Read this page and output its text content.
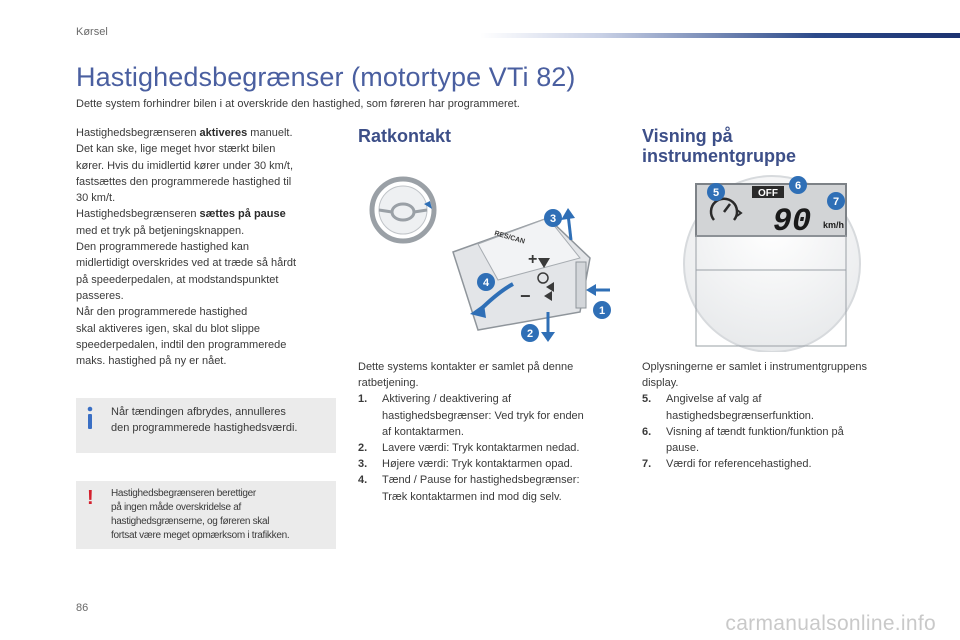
Kørsel
Hastighedsbegrænser (motortype VTi 82)
Dette system forhindrer bilen i at overskride den hastighed, som føreren har programmeret.

Hastighedsbegrænseren aktiveres manuelt.

Det kan ske, lige meget hvor stærkt bilen

kører. Hvis du imidlertid kører under 30 km/t,

fastsættes den programmerede hastighed til

30 km/t.

Hastighedsbegrænseren sættes på pause

med et tryk på betjeningsknappen.

Den programmerede hastighed kan

midlertidigt overskrides ved at træde så hårdt

på speederpedalen, at modstandspunktet

passeres.

Når den programmerede hastighed

skal aktiveres igen, skal du blot slippe

speederpedalen, indtil den programmerede

maks. hastighed på ny er nået.

Når tændingen afbrydes, annulleres
den programmerede hastighedsværdi.
! Hastighedsbegrænseren berettiger
på ingen måde overskridelse af
hastighedsgrænserne, og føreren skal
fortsat være meget opmærksom i trafikken.
Ratkontakt
RES/CAN
+
−
3
4
1
2

Dette systems kontakter er samlet på denne

ratbetjening.

1.	Aktivering / deaktivering af
hastighedsbegrænser: Ved tryk for enden
af kontaktarmen.
2.	Lavere værdi: Tryk kontaktarmen nedad.
3.	Højere værdi: Tryk kontaktarmen opad.
4.	Tænd / Pause for hastighedsbegrænser:
Træk kontaktarmen ind mod dig selv.
Visning på
instrumentgruppe
OFF
90 km/h
5
6
7

Oplysningerne er samlet i instrumentgruppens

display.

5.	Angivelse af valg af
hastighedsbegrænserfunktion.
6.	Visning af tændt funktion/funktion på
pause.
7.	Værdi for referencehastighed.
86
carmanualsonline.info
